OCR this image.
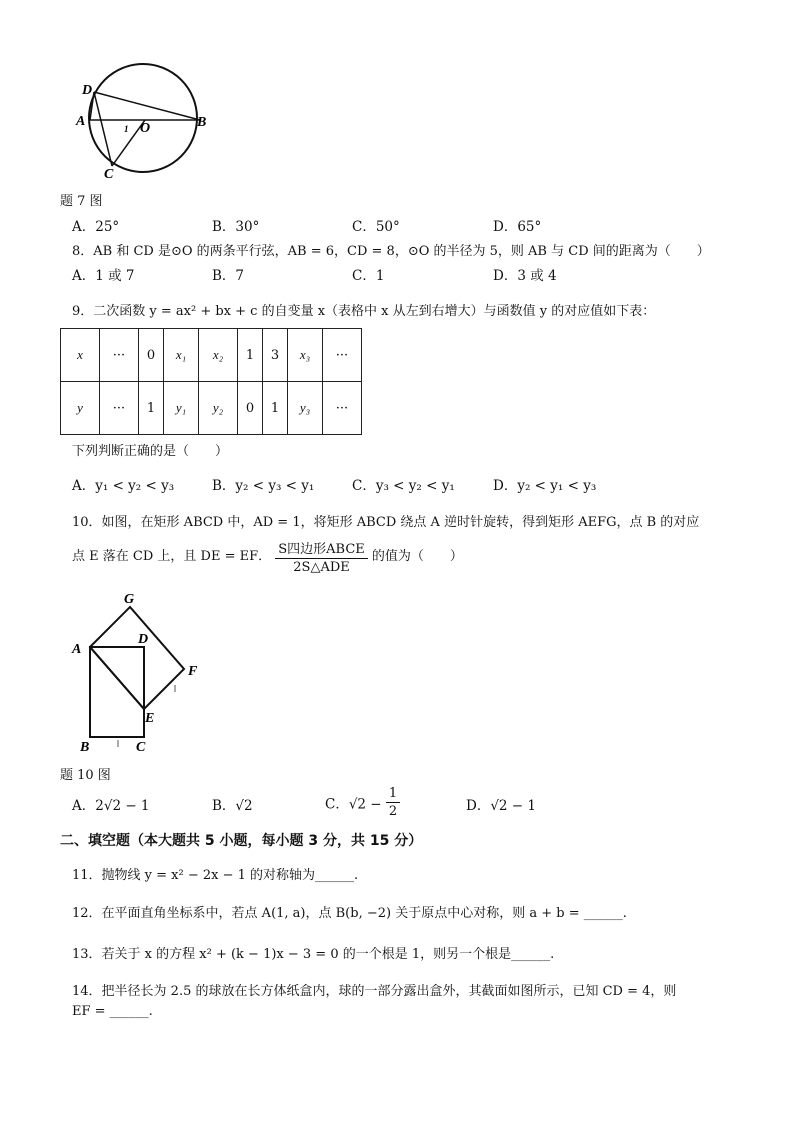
D
A	1 O	B
C
题 7 图
A．25°	B．30°	C．50°	D．65°
8．AB 和 CD 是⊙O 的两条平行弦，AB = 6，CD = 8，⊙O 的半径为 5，则 AB 与 CD 间的距离为（　　）
A．1 或 7	B．7	C．1	D．3 或 4
9．二次函数 y = ax² + bx + c 的自变量 x（表格中 x 从左到右增大）与函数值 y 的对应值如下表：
x	···	0	x₁	x₂	1	3	x₃	···
y	···	1	y₁	y₂	0	1	y₃	···
下列判断正确的是（　　）
A．y₁ < y₂ < y₃	B．y₂ < y₃ < y₁	C．y₃ < y₂ < y₁	D．y₂ < y₁ < y₃
10．如图，在矩形 ABCD 中，AD = 1，将矩形 ABCD 绕点 A 逆时针旋转，得到矩形 AEFG，点 B 的对应
点 E 落在 CD 上，且 DE = EF． $\frac{\text{S四边形ABCE}}{\text{2S△ADE}}$ 的值为（　　）
G
D
A
F
E
B	C
题 10 图
A．2√2 − 1	B．√2	C．$√2 - \frac{1}{2}$	D．√2 − 1
二、填空题（本大题共 5 小题，每小题 3 分，共 15 分）
11．抛物线 y = x² − 2x − 1 的对称轴为______.
12．在平面直角坐标系中，若点 A(1, a)，点 B(b, −2) 关于原点中心对称，则 a + b = ______.
13．若关于 x 的方程 x² + (k − 1)x − 3 = 0 的一个根是 1，则另一个根是______.
14．把半径长为 2.5 的球放在长方体纸盒内，球的一部分露出盒外，其截面如图所示，已知 CD = 4，则
EF = ______.
